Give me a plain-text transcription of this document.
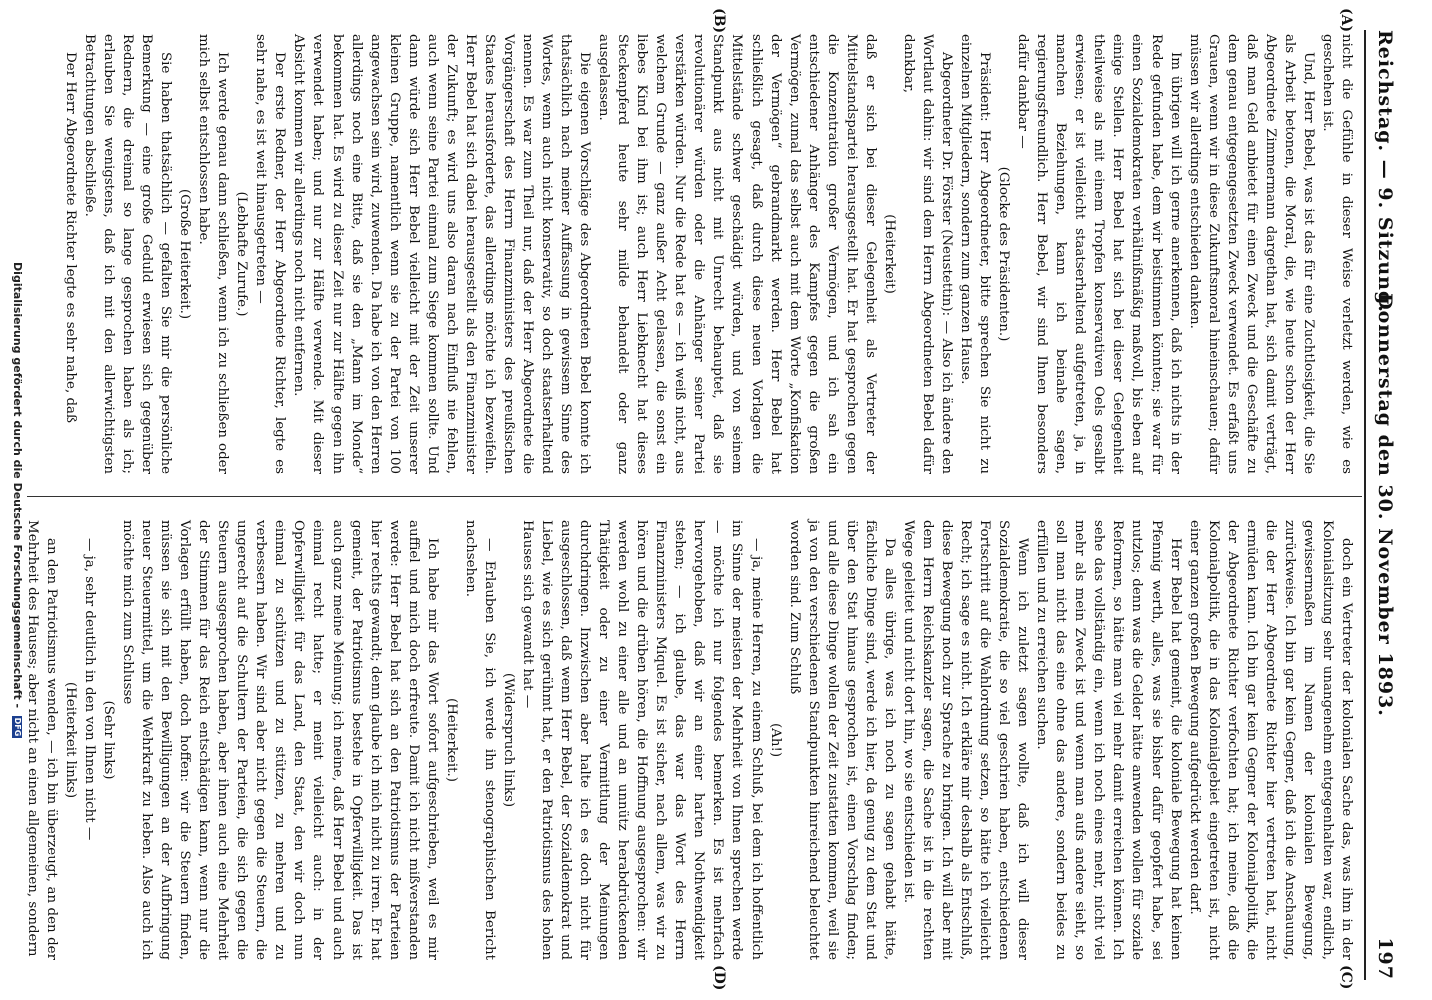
Reichstag. — 9. Sitzung.
Donnerstag den 30. November 1893.
197
(A)
(B)
(C)
(D)

nicht die Gefühle in dieser Weise verletzt werden, wie es geschehen ist.

Und, Herr Bebel, was ist das für eine Zuchtlosigkeit, die Sie als Arbeit betonen, die Moral, die, wie heute schon der Herr Abgeordnete Zimmermann dargethan hat, sich damit verträgt, daß man Geld anbietet für einen Zweck und die Geschäfte zu dem genau entgegengesetzten Zweck verwendet. Es erfaßt uns Grauen, wenn wir in diese Zukunftsmoral hineinschauen; dafür müssen wir allerdings entschieden danken.

Im übrigen will ich gerne anerkennen, daß ich nichts in der Rede gefunden habe, dem wir beistimmen könnten; sie war für einen Sozialdemokraten verhältnißmäßig maßvoll, bis eben auf einige Stellen. Herr Bebel hat sich bei dieser Gelegenheit theilweise als mit einem Tropfen konservativen Oels gesalbt erwiesen; er ist vielleicht staatserhaltend aufgetreten, ja, in manchen Beziehungen, kann ich beinahe sagen, regierungsfreundlich. Herr Bebel, wir sind Ihnen besonders dafür dankbar —

(Glocke des Präsidenten.)

Präsident: Herr Abgeordneter, bitte sprechen Sie nicht zu einzelnen Mitgliedern, sondern zum ganzen Hause.

Abgeordneter Dr. Förster (Neustettin): — Also ich ändere den Wortlaut dahin: wir sind dem Herrn Abgeordneten Bebel dafür dankbar,

(Heiterkeit)

daß er sich bei dieser Gelegenheit als Vertreter der Mittelstandspartei herausgestellt hat. Er hat gesprochen gegen die Konzentration großer Vermögen, und ich sah ein entschiedener Anhänger des Kampfes gegen die großen Vermögen, zumal das selbst auch mit dem Worte „Konfiskation der Vermögen“ gebrandmarkt werden. Herr Bebel hat schließlich gesagt, daß durch diese neuen Vorlagen die Mittelstände schwer geschädigt würden, und von seinem Standpunkt aus nicht mit Unrecht behauptet, daß sie revolutionärer würden oder die Anhänger seiner Partei verstärken würden. Nur die Rede hat es — ich weiß nicht, aus welchem Grunde — ganz außer Acht gelassen, die sonst ein liebes Kind bei ihm ist; auch Herr Liebknecht hat dieses Steckenpferd heute sehr milde behandelt oder ganz ausgelassen.

Die eigenen Vorschläge des Abgeordneten Bebel konnte ich thatsächlich nach meiner Auffassung in gewissem Sinne des Wortes, wenn auch nicht konservativ, so doch staatserhaltend nennen. Es war zum Theil nur, daß der Herr Abgeordnete die Vorgängerschaft des Herrn Finanzministers des preußischen Staates herausforderte, das allerdings möchte ich bezweifeln. Herr Bebel hat sich dabei herausgestellt als den Finanzminister der Zukunft; es wird uns also daran nach Einfluß nie fehlen, auch wenn seine Partei einmal zum Siege kommen sollte. Und dann würde sich Herr Bebel vielleicht mit der Zeit unserer kleinen Gruppe, namentlich wenn sie zu der Partei von 100 angewachsen sein wird, zuwenden. Da habe ich von den Herren allerdings noch eine Bitte, daß sie den „Mann im Monde“ bekommen hat. Es wird zu dieser Zeit nur zur Hälfte gegen ihn verwendet haben; und nur zur Hälfte verwende. Mit dieser Absicht kommen wir allerdings noch nicht entfernen.

Der erste Redner, der Herr Abgeordnete Richter, legte es sehr nahe, es ist weit hinausgetreten —

(Lebhafte Zurufe.)

Ich werde genau dann schließen, wenn ich zu schließen oder mich selbst entschlossen habe.

(Große Heiterkeit.)

Sie haben thatsächlich — gefalten Sie mir die persönliche Bemerkung — eine große Geduld erwiesen sich gegenüber Rednern, die dreimal so lange gesprochen haben als ich; erlauben Sie wenigstens, daß ich mit den allerwichtigsten Betrachtungen abschließe.

Der Herr Abgeordnete Richter legte es sehr nahe, daß

doch ein Vertreter der kolonialen Sache das, was ihm in der Kolonialsitzung sehr unangenehm entgegenhalten war, endlich, gewissermaßen im Namen der kolonialen Bewegung, zurückweise. Ich bin gar kein Gegner, daß ich die Anschauung, die der Herr Abgeordnete Richter hier vertreten hat, nicht ermüden kann. Ich bin gar kein Gegner der Kolonialpolitik, die der Abgeordnete Richter verfochten hat; ich meine, daß die Kolonialpolitik, die in das Kolonialgebiet eingetreten ist, nicht einer ganzen großen Bewegung aufgedrückt werden darf.

Herr Bebel hat gemeint, die koloniale Bewegung hat keinen Pfennig werth, alles, was sie bisher dafür geopfert habe, sei nutzlos; denn was die Gelder hätte anwenden wollen für soziale Reformen, so hätte man viel mehr damit erreichen können. Ich sehe das vollständig ein, wenn ich noch eines mehr, nicht viel mehr als mein Zweck ist und wenn man aufs andere sieht, so soll man nicht das eine ohne das andere, sondern beides zu erfüllen und zu erreichen suchen.

Wenn ich zuletzt sagen wollte, daß ich will dieser Sozialdemokratie, die so viel geschrien haben, entschiedenen Fortschritt auf die Wahlordnung setzen, so hätte ich vielleicht Recht; ich sage es nicht. Ich erkläre mir deshalb als Entschluß, diese Bewegung noch zur Sprache zu bringen. Ich will aber mit dem Herrn Reichskanzler sagen, die Sache ist in die rechten Wege geleitet und nicht dort hin, wo sie entschieden ist.

Da alles übrige, was ich noch zu sagen gehabt hätte, fächliche Dinge sind, werde ich hier, da genug zu dem Stat und über den Stat hinaus gesprochen ist, einen Vorschlag finden; und alle diese Dinge wollen der Zeit zustatten kommen, weil sie ja von den verschiedenen Standpunkten hinreichend beleuchtet worden sind. Zum Schluß

(Ah!)

— ja, meine Herren, zu einem Schluß, bei dem ich hoffentlich im Sinne der meisten der Mehrheit von Ihnen sprechen werde — möchte ich nur folgendes bemerken. Es ist mehrfach hervorgehoben, daß wir an einer harten Nothwendigkeit stehen; — ich glaube, das war das Wort des Herrn Finanzministers Miquel. Es ist sicher, nach allem, was wir zu hören und die drüben hören, die Hoffnung ausgesprochen: wir werden wohl zu einer alle und an unnütz herabdrückenden Thätigkeit oder zu einer Vermittlung der Meinungen durchdringen. Inzwischen aber halte ich es doch nicht für ausgeschlossen, daß wenn Herr Bebel, der Sozialdemokrat und Liebel, wie es sich gerühmt hat, er den Patriotismus des hohen Hauses sich gewandt hat —

(Widerspruch links)

— Erlauben Sie, ich werde ihn stenographischen Bericht nachsehen.

(Heiterkeit.)

Ich habe mir das Wort sofort aufgeschrieben, weil es mir auffiel und mich doch erfreute. Damit ich nicht mißverstanden werde: Herr Bebel hat sich an den Patriotismus der Parteien hier rechts gewandt; denn glaube ich mich nicht zu irren. Er hat gemeint, der Patriotismus bestehe in Opferwilligkeit. Das ist auch ganz meine Meinung; ich meine, daß Herr Bebel und auch einmal recht hatte; er meint vielleicht auch: in der Opferwilligkeit für das Land, den Staat, den wir doch nun einmal zu schützen und zu stützen, zu mehren und zu verbessern haben. Wir sind aber nicht gegen die Steuern, die ungerecht auf die Schultern der Parteien, die sich gegen die Steuern ausgesprochen haben, aber ihnen auch eine Mehrheit der Stimmen für das Reich entschädigen kann, wenn nur die Vorlagen erfüllt haben, doch hoffen: wir die Steuern finden, müssen sie sich mit den Bewilligungen an der Aufbringung neuer Steuermittel, um die Wehrkraft zu heben. Also auch ich möchte mich zum Schlusse

(Sehr links)

— ja, sehr deutlich in den von Ihnen nicht —

(Heiterkeit links)

an den Patriotismus wenden, — ich bin überzeugt, an den der Mehrheit des Hauses; aber nicht an einen allgemeinen, sondern

Digitalisierung gefördert durch die Deutsche Forschungsgemeinschaft - DFG
